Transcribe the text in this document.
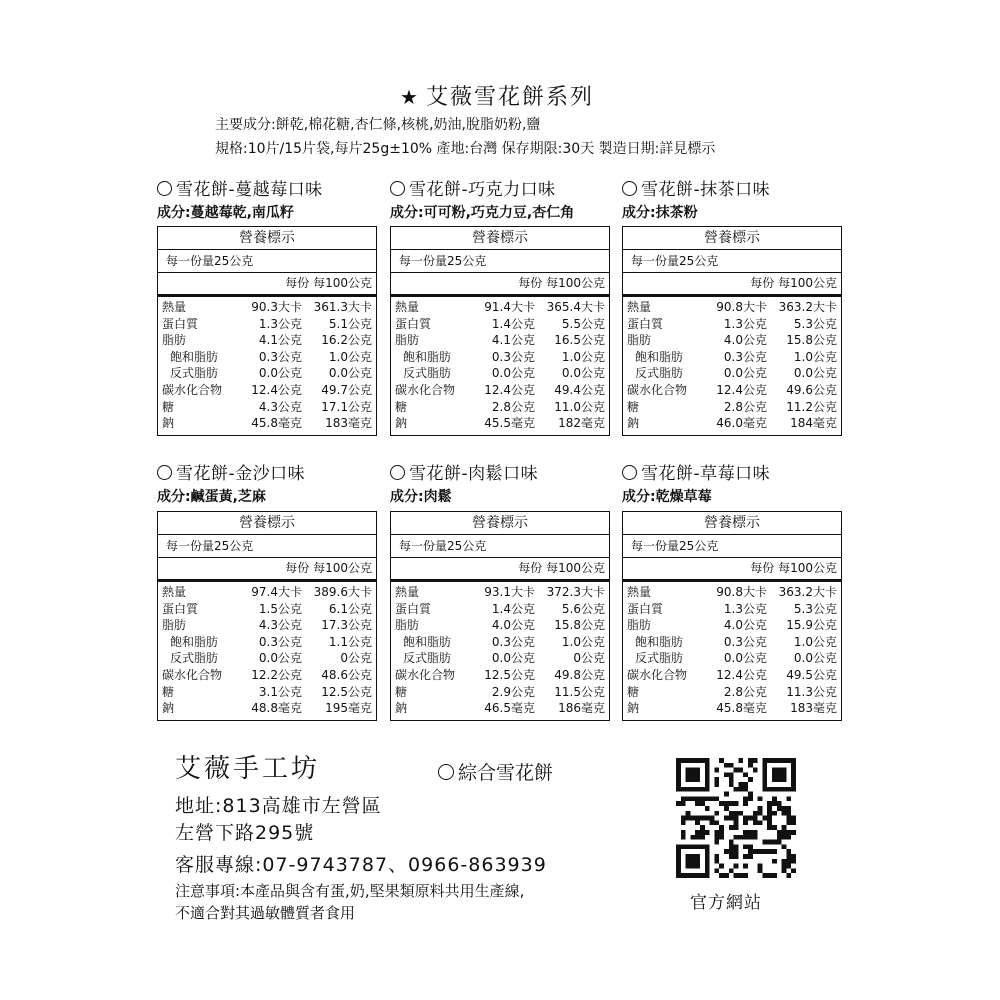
★ 艾薇雪花餅系列
主要成分:餅乾,棉花糖,杏仁條,核桃,奶油,脫脂奶粉,鹽
規格:10片/15片袋,每片25g±10% 產地:台灣 保存期限:30天 製造日期:詳見標示
雪花餅-蔓越莓口味
成分:蔓越莓乾,南瓜籽
營養標示
每一份量25公克
每份 每100公克
熱量	90.3大卡 361.3大卡
蛋白質	1.3公克	5.1公克
脂肪	4.1公克	16.2公克
飽和脂肪	0.3公克	1.0公克
反式脂肪	0.0公克	0.0公克
碳水化合物	12.4公克	49.7公克
糖	4.3公克	17.1公克
鈉	45.8毫克	183毫克
雪花餅-巧克力口味
成分:可可粉,巧克力豆,杏仁角
營養標示
每一份量25公克
每份 每100公克
熱量	91.4大卡 365.4大卡
蛋白質	1.4公克	5.5公克
脂肪	4.1公克	16.5公克
飽和脂肪	0.3公克	1.0公克
反式脂肪	0.0公克	0.0公克
碳水化合物	12.4公克	49.4公克
糖	2.8公克	11.0公克
鈉	45.5毫克	182毫克
雪花餅-抹茶口味
成分:抹茶粉
營養標示
每一份量25公克
每份 每100公克
熱量	90.8大卡 363.2大卡
蛋白質	1.3公克	5.3公克
脂肪	4.0公克	15.8公克
飽和脂肪	0.3公克	1.0公克
反式脂肪	0.0公克	0.0公克
碳水化合物	12.4公克	49.6公克
糖	2.8公克	11.2公克
鈉	46.0毫克	184毫克
雪花餅-金沙口味
成分:鹹蛋黃,芝麻
營養標示
每一份量25公克
每份 每100公克
熱量	97.4大卡 389.6大卡
蛋白質	1.5公克	6.1公克
脂肪	4.3公克	17.3公克
飽和脂肪	0.3公克	1.1公克
反式脂肪	0.0公克	0公克
碳水化合物	12.2公克	48.6公克
糖	3.1公克	12.5公克
鈉	48.8毫克	195毫克
雪花餅-肉鬆口味
成分:肉鬆
營養標示
每一份量25公克
每份 每100公克
熱量	93.1大卡 372.3大卡
蛋白質	1.4公克	5.6公克
脂肪	4.0公克	15.8公克
飽和脂肪	0.3公克	1.0公克
反式脂肪	0.0公克	0公克
碳水化合物	12.5公克	49.8公克
糖	2.9公克	11.5公克
鈉	46.5毫克	186毫克
雪花餅-草莓口味
成分:乾燥草莓
營養標示
每一份量25公克
每份 每100公克
熱量	90.8大卡 363.2大卡
蛋白質	1.3公克	5.3公克
脂肪	4.0公克	15.9公克
飽和脂肪	0.3公克	1.0公克
反式脂肪	0.0公克	0.0公克
碳水化合物	12.4公克	49.5公克
糖	2.8公克	11.3公克
鈉	45.8毫克	183毫克
艾薇手工坊	綜合雪花餅
地址:813高雄市左營區
左營下路295號
客服專線:07-9743787、0966-863939
注意事項:本產品與含有蛋,奶,堅果類原料共用生產線,
不適合對其過敏體質者食用	官方網站
